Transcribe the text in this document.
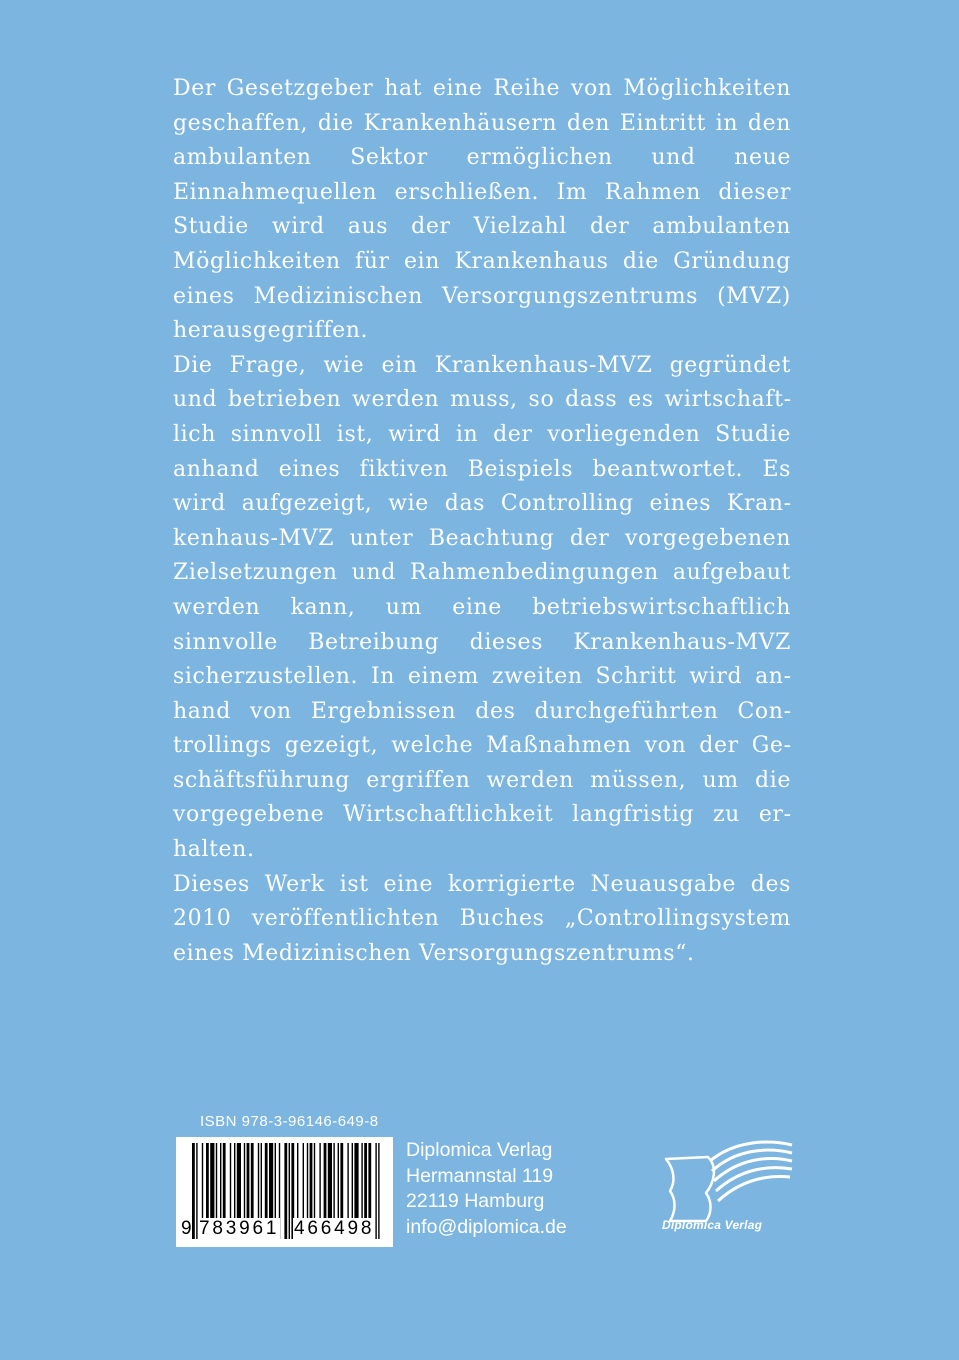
Der Gesetzgeber hat eine Reihe von Möglichkeiten geschaffen, die Krankenhäusern den Eintritt in den ambulanten Sektor ermöglichen und neue Einnahmequellen erschließen. Im Rahmen dieser Studie wird aus der Vielzahl der ambulanten Möglichkeiten für ein Krankenhaus die Gründung eines Medizinischen Versorgungszentrums (MVZ) herausgegriffen.

Die Frage, wie ein Krankenhaus-MVZ gegründet und betrieben werden muss, so dass es wirtschaftlich sinnvoll ist, wird in der vorliegenden Studie anhand eines fiktiven Beispiels beantwortet. Es wird aufgezeigt, wie das Controlling eines Krankenhaus-MVZ unter Beachtung der vorgegebenen Zielsetzungen und Rahmenbedingungen aufgebaut werden kann, um eine betriebswirtschaftlich sinnvolle Betreibung dieses Krankenhaus-MVZ sicherzustellen. In einem zweiten Schritt wird anhand von Ergebnissen des durchgeführten Controllings gezeigt, welche Maßnahmen von der Geschäftsführung ergriffen werden müssen, um die vorgegebene Wirtschaftlichkeit langfristig zu erhalten.

Dieses Werk ist eine korrigierte Neuausgabe des 2010 veröffentlichten Buches „Controllingsystem eines Medizinischen Versorgungszentrums“.

ISBN 978-3-96146-649-8
9 783961 466498
Diplomica Verlag
Hermannstal 119
22119 Hamburg
info@diplomica.de	Diplomica Verlag
